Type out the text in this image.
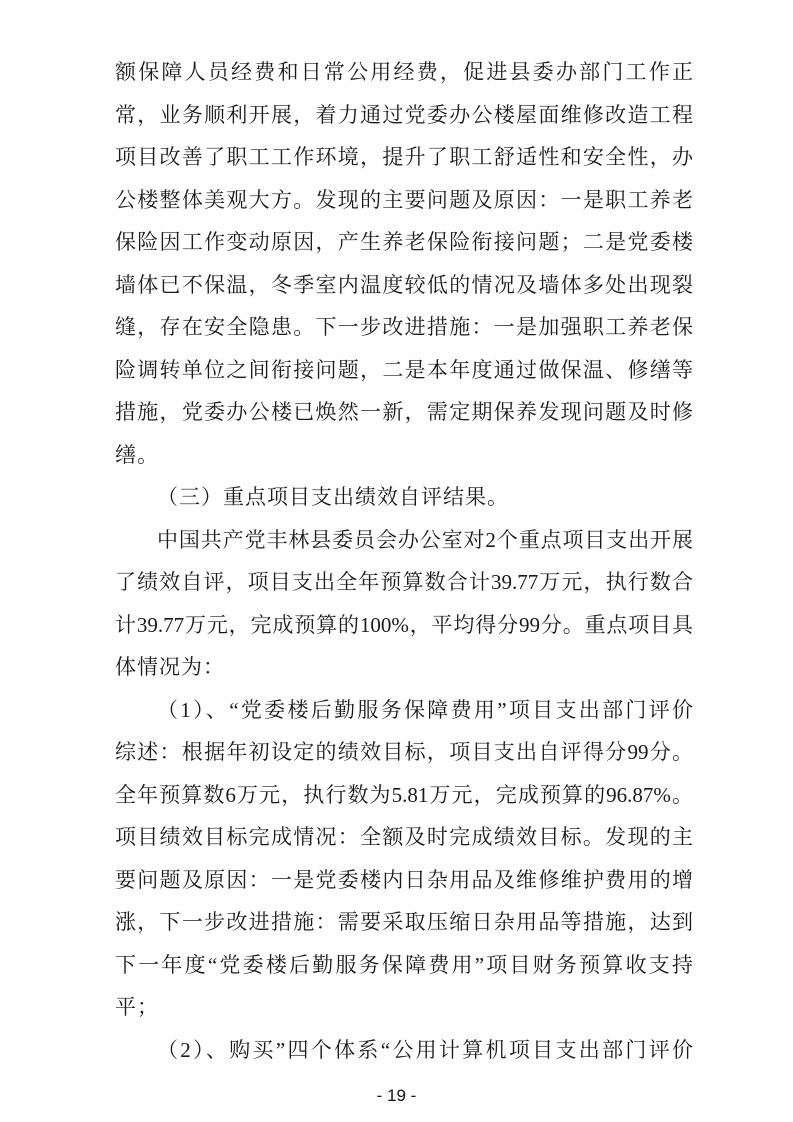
额保障人员经费和日常公用经费，促进县委办部门工作正
常，业务顺利开展，着力通过党委办公楼屋面维修改造工程
项目改善了职工工作环境，提升了职工舒适性和安全性，办
公楼整体美观大方。发现的主要问题及原因：一是职工养老
保险因工作变动原因，产生养老保险衔接问题；二是党委楼
墙体已不保温，冬季室内温度较低的情况及墙体多处出现裂
缝，存在安全隐患。下一步改进措施：一是加强职工养老保
险调转单位之间衔接问题，二是本年度通过做保温、修缮等
措施，党委办公楼已焕然一新，需定期保养发现问题及时修
缮。
（三）重点项目支出绩效自评结果。
中国共产党丰林县委员会办公室对2个重点项目支出开展
了绩效自评，项目支出全年预算数合计39.77万元，执行数合
计39.77万元，完成预算的100%，平均得分99分。重点项目具
体情况为：
（1）、“党委楼后勤服务保障费用”项目支出部门评价
综述：根据年初设定的绩效目标，项目支出自评得分99分。
全年预算数6万元，执行数为5.81万元，完成预算的96.87%。
项目绩效目标完成情况：全额及时完成绩效目标。发现的主
要问题及原因：一是党委楼内日杂用品及维修维护费用的增
涨，下一步改进措施：需要采取压缩日杂用品等措施，达到
下一年度“党委楼后勤服务保障费用”项目财务预算收支持
平；
（2）、购买”四个体系“公用计算机项目支出部门评价
- 19 -
